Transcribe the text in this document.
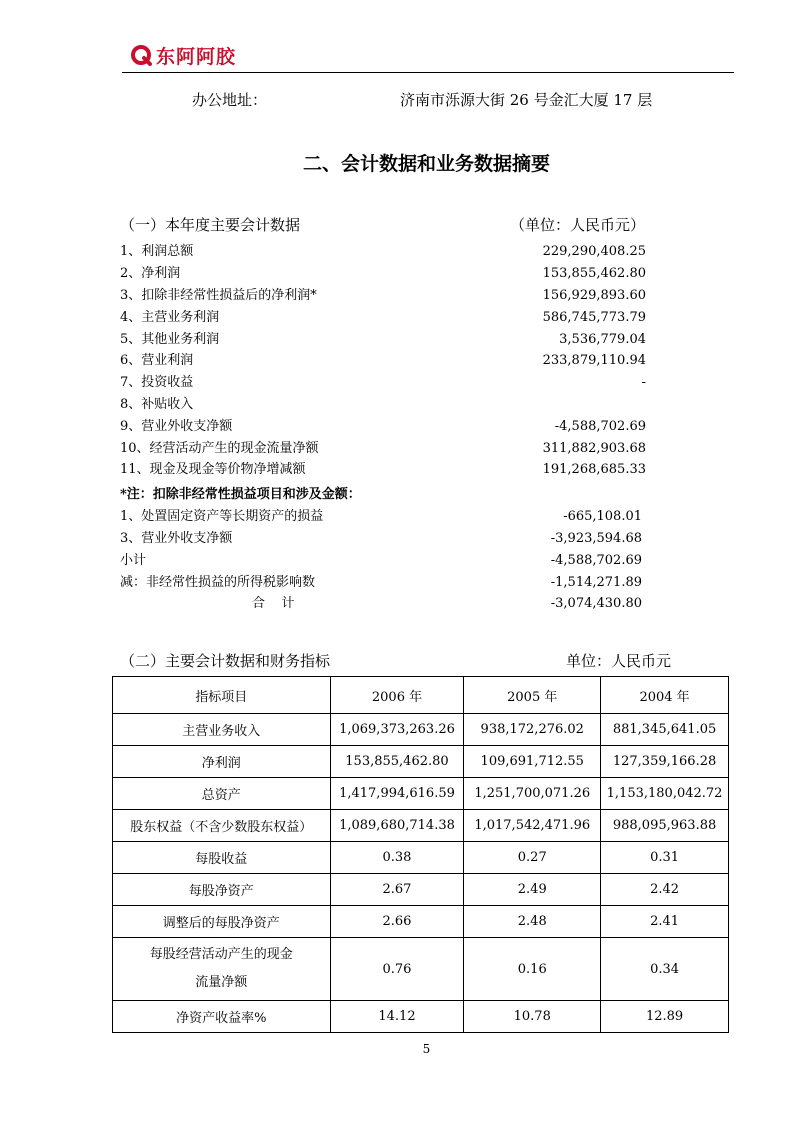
东阿阿胶
办公地址：	济南市泺源大街 26 号金汇大厦 17 层
二、会计数据和业务数据摘要
（一）本年度主要会计数据	（单位：人民币元）
1、利润总额	229,290,408.25
2、净利润	153,855,462.80
3、扣除非经常性损益后的净利润*	156,929,893.60
4、主营业务利润	586,745,773.79
5、其他业务利润	3,536,779.04
6、营业利润	233,879,110.94
7、投资收益	-
8、补贴收入
9、营业外收支净额	-4,588,702.69
10、经营活动产生的现金流量净额	311,882,903.68
11、现金及现金等价物净增减额	191,268,685.33
*注：扣除非经常性损益项目和涉及金额：
1、处置固定资产等长期资产的损益	-665,108.01
3、营业外收支净额	-3,923,594.68
小计	-4,588,702.69
减：非经常性损益的所得税影响数	-1,514,271.89
合    计	-3,074,430.80
（二）主要会计数据和财务指标	单位：人民币元
指标项目	2006 年	2005 年	2004 年
主营业务收入	1,069,373,263.26	938,172,276.02	881,345,641.05
净利润	153,855,462.80	109,691,712.55	127,359,166.28
总资产	1,417,994,616.59	1,251,700,071.26	1,153,180,042.72
股东权益（不含少数股东权益）	1,089,680,714.38	1,017,542,471.96	988,095,963.88
每股收益	0.38	0.27	0.31
每股净资产	2.67	2.49	2.42
调整后的每股净资产	2.66	2.48	2.41

每股经营活动产生的现金
流量净额	0.76	0.16	0.34
净资产收益率%	14.12	10.78	12.89
5
